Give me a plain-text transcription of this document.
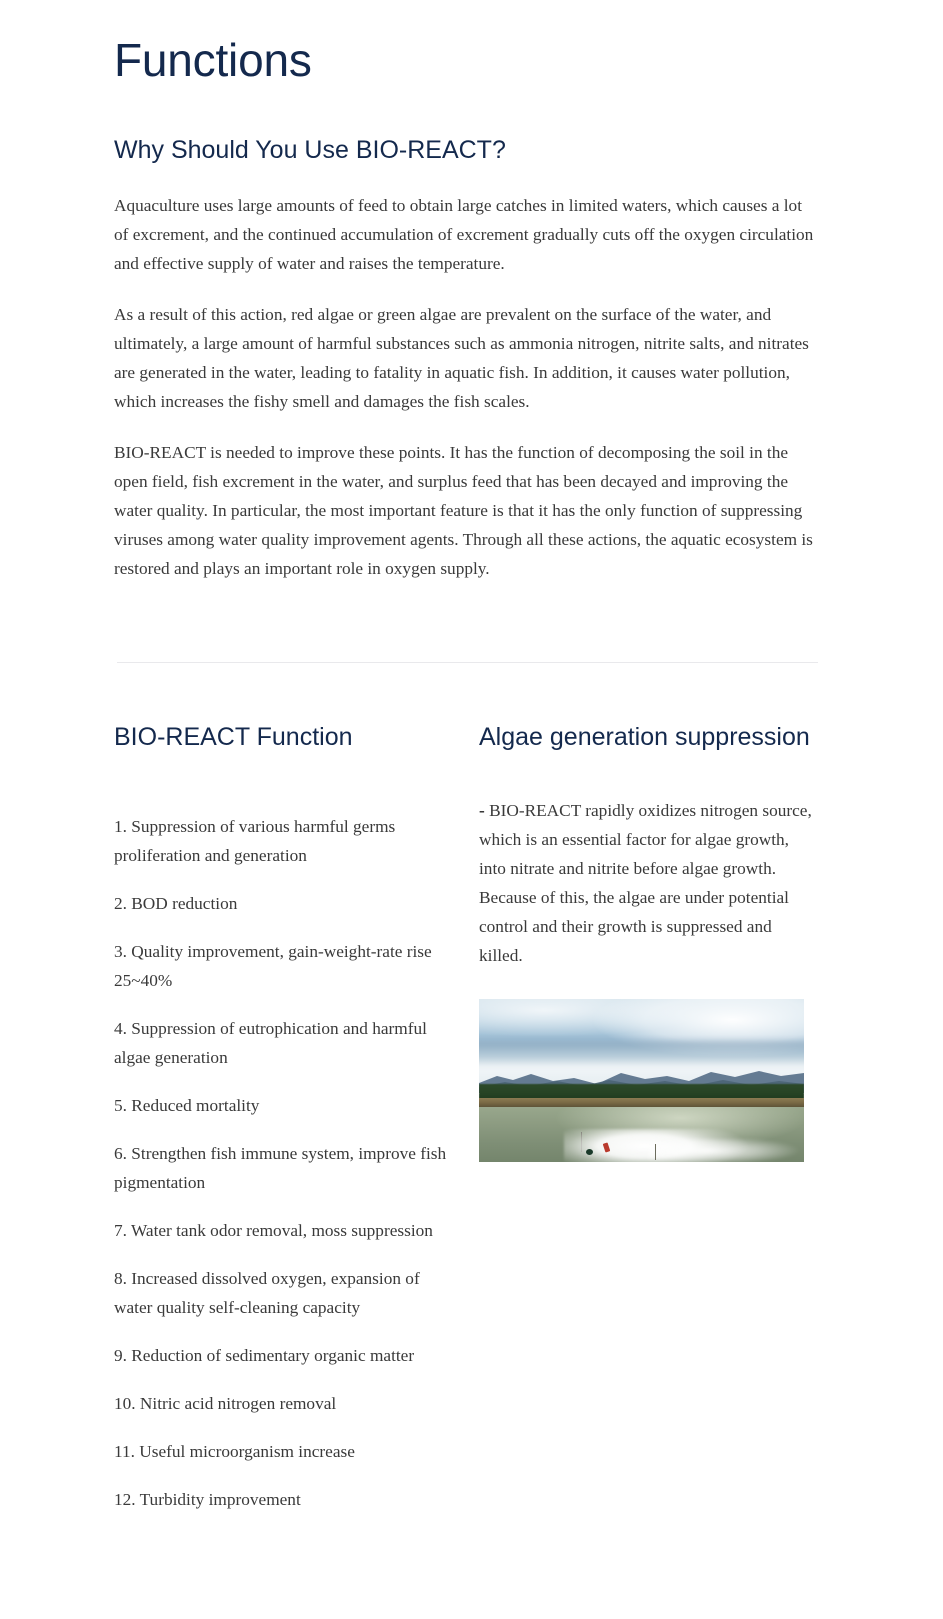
Functions
Why Should You Use BIO-REACT?

Aquaculture uses large amounts of feed to obtain large catches in limited waters, which causes a lot of excrement, and the continued accumulation of excrement gradually cuts off the oxygen circulation and effective supply of water and raises the temperature.

As a result of this action, red algae or green algae are prevalent on the surface of the water, and ultimately, a large amount of harmful substances such as ammonia nitrogen, nitrite salts, and nitrates are generated in the water, leading to fatality in aquatic fish. In addition, it causes water pollution, which increases the fishy smell and damages the fish scales.

BIO-REACT is needed to improve these points. It has the function of decomposing the soil in the open field, fish excrement in the water, and surplus feed that has been decayed and improving the water quality. In particular, the most important feature is that it has the only function of suppressing viruses among water quality improvement agents. Through all these actions, the aquatic ecosystem is restored and plays an important role in oxygen supply.

BIO-REACT Function

1. Suppression of various harmful germs proliferation and generation

2. BOD reduction

3. Quality improvement, gain-weight-rate rise 25~40%

4. Suppression of eutrophication and harmful algae generation

5. Reduced mortality

6. Strengthen fish immune system, improve fish pigmentation

7. Water tank odor removal, moss suppression

8. Increased dissolved oxygen, expansion of water quality self-cleaning capacity

9. Reduction of sedimentary organic matter

10. Nitric acid nitrogen removal

11. Useful microorganism increase

12. Turbidity improvement

Algae generation suppression

- BIO-REACT rapidly oxidizes nitrogen source, which is an essential factor for algae growth, into nitrate and nitrite before algae growth. Because of this, the algae are under potential control and their growth is suppressed and killed.
